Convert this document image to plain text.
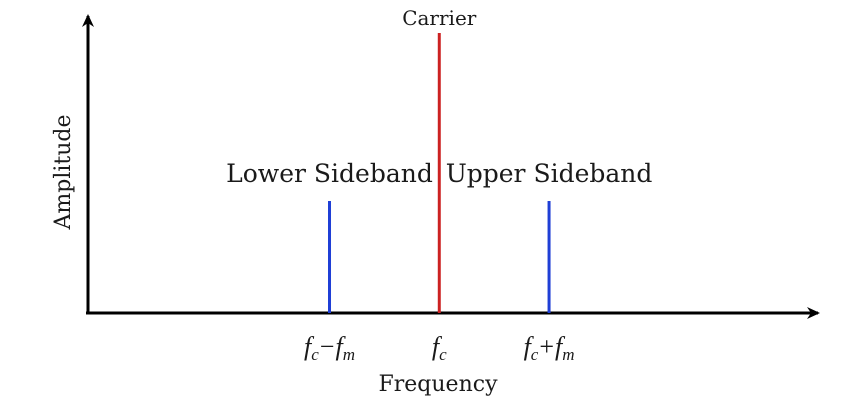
Frequency
Amplitude	Lower Sideband
Carrier
Upper Sideband
fc−fm	fc	fc+fm
